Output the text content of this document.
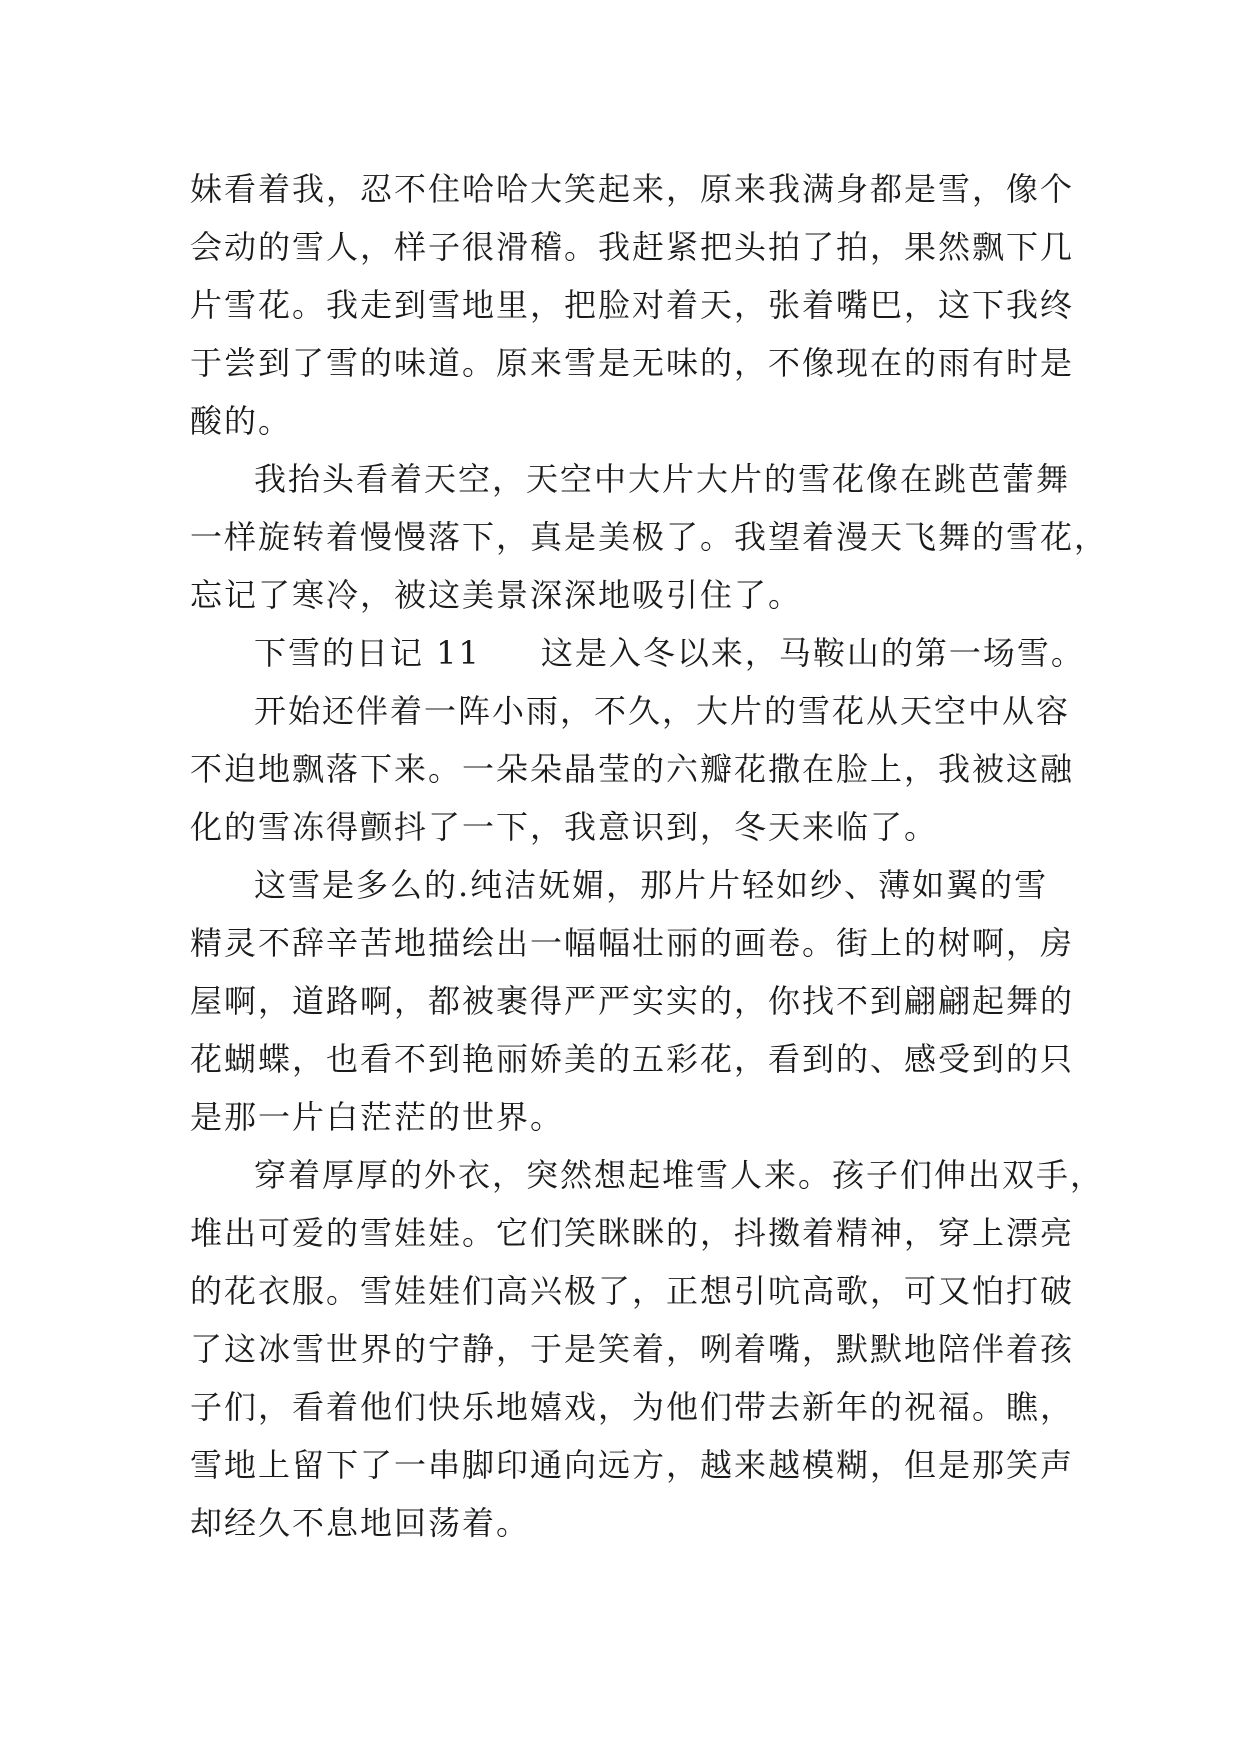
妹看着我，忍不住哈哈大笑起来，原来我满身都是雪，像个
会动的雪人，样子很滑稽。我赶紧把头拍了拍，果然飘下几
片雪花。我走到雪地里，把脸对着天，张着嘴巴，这下我终
于尝到了雪的味道。原来雪是无味的，不像现在的雨有时是
酸的。
我抬头看着天空，天空中大片大片的雪花像在跳芭蕾舞
一样旋转着慢慢落下，真是美极了。我望着漫天飞舞的雪花，
忘记了寒冷，被这美景深深地吸引住了。
下雪的日记 11 这是入冬以来，马鞍山的第一场雪。
开始还伴着一阵小雨，不久，大片的雪花从天空中从容
不迫地飘落下来。一朵朵晶莹的六瓣花撒在脸上，我被这融
化的雪冻得颤抖了一下，我意识到，冬天来临了。
这雪是多么的.纯洁妩媚，那片片轻如纱、薄如翼的雪
精灵不辞辛苦地描绘出一幅幅壮丽的画卷。街上的树啊，房
屋啊，道路啊，都被裹得严严实实的，你找不到翩翩起舞的
花蝴蝶，也看不到艳丽娇美的五彩花，看到的、感受到的只
是那一片白茫茫的世界。
穿着厚厚的外衣，突然想起堆雪人来。孩子们伸出双手，
堆出可爱的雪娃娃。它们笑眯眯的，抖擞着精神，穿上漂亮
的花衣服。雪娃娃们高兴极了，正想引吭高歌，可又怕打破
了这冰雪世界的宁静，于是笑着，咧着嘴，默默地陪伴着孩
子们，看着他们快乐地嬉戏，为他们带去新年的祝福。瞧，
雪地上留下了一串脚印通向远方，越来越模糊，但是那笑声
却经久不息地回荡着。
